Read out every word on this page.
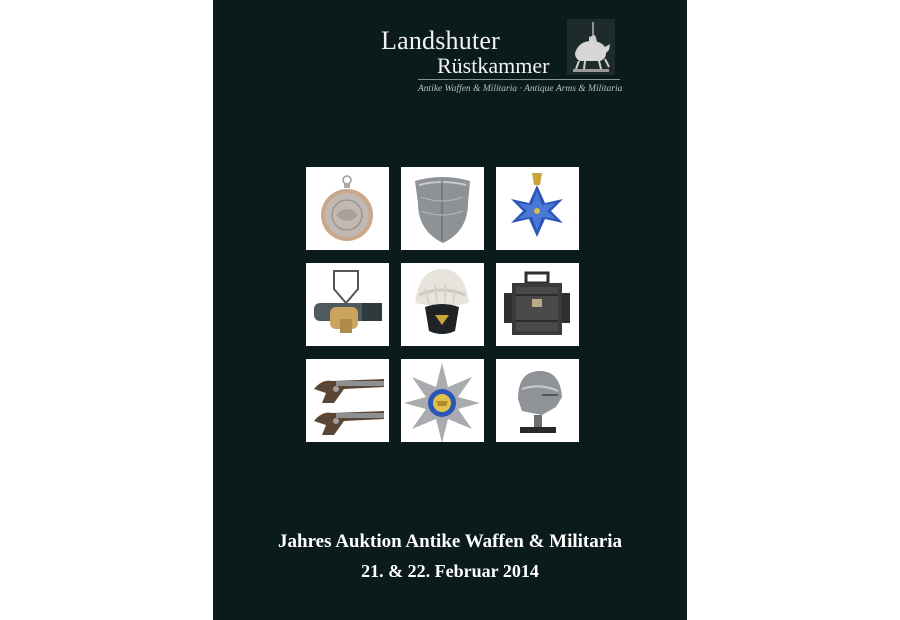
Landshuter
Rüstkammer
Antike Waffen & Militaria · Antique Arms & Militaria
Jahres Auktion Antike Waffen & Militaria
21. & 22. Februar 2014
